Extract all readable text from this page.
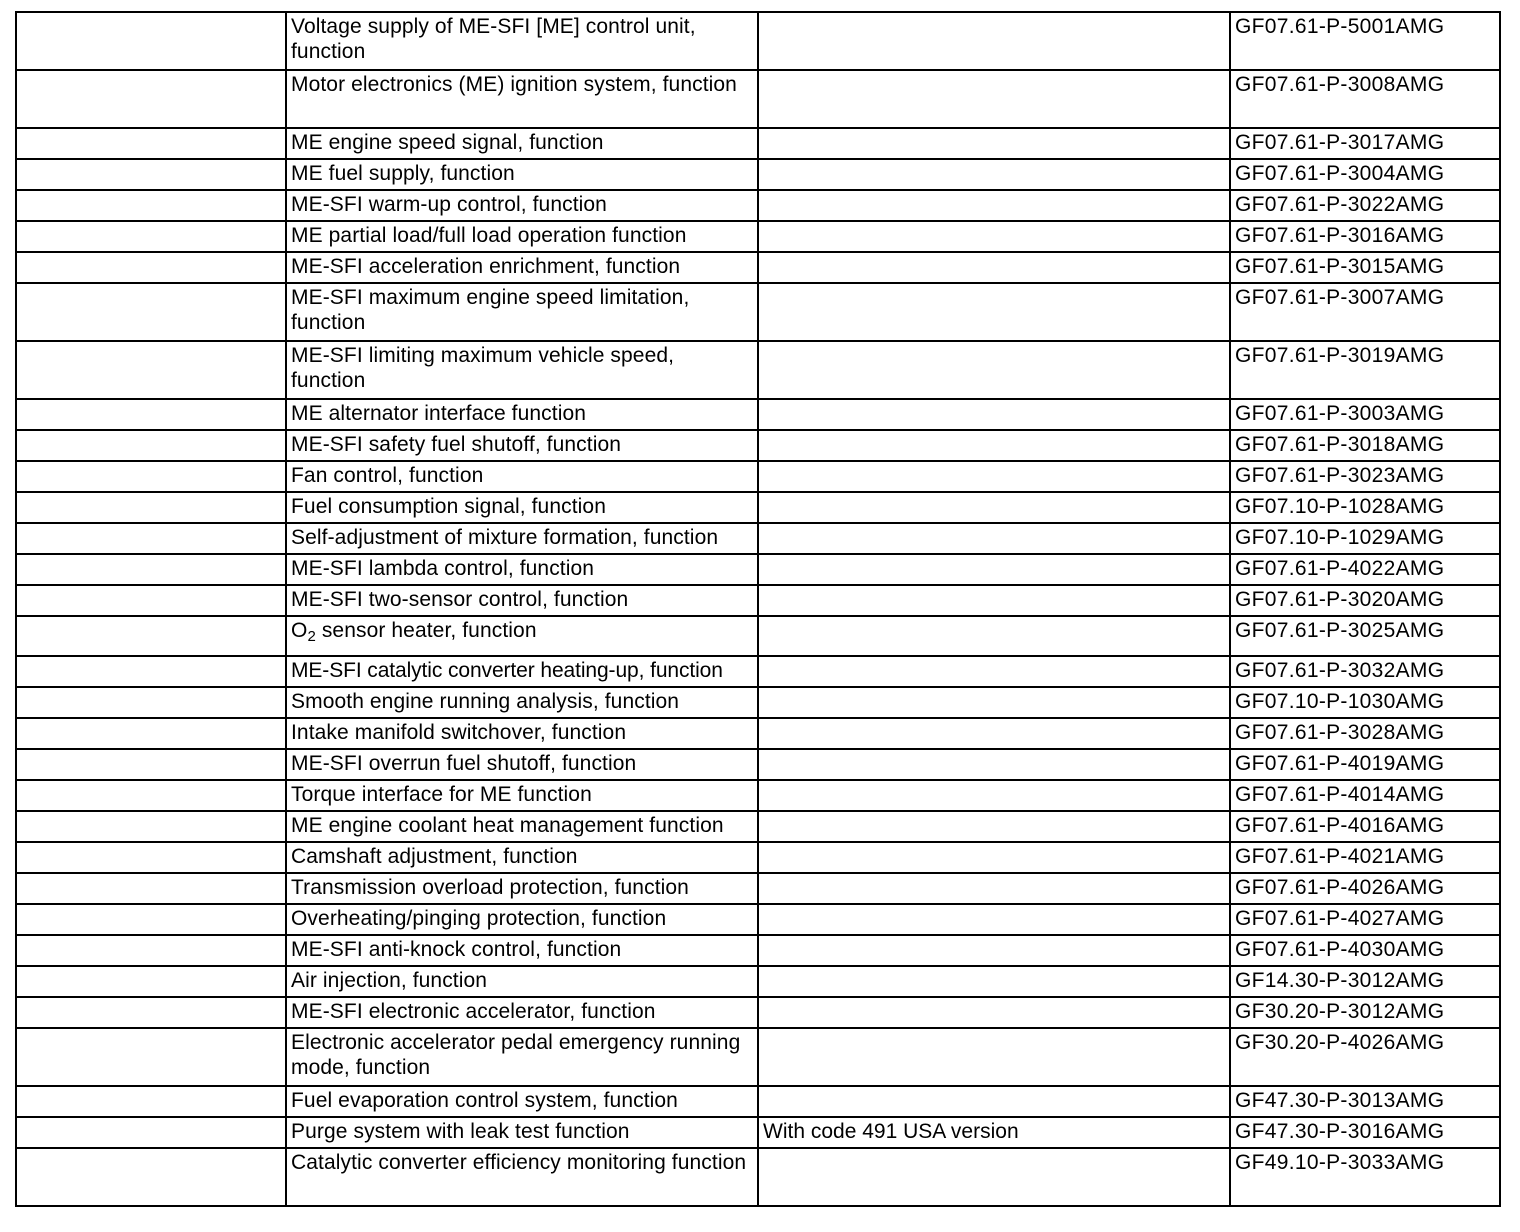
	Voltage supply of ME-SFI [ME] control unit, function		GF07.61-P-5001AMG
	Motor electronics (ME) ignition system, function		GF07.61-P-3008AMG
	ME engine speed signal, function		GF07.61-P-3017AMG
	ME fuel supply, function		GF07.61-P-3004AMG
	ME-SFI warm-up control, function		GF07.61-P-3022AMG
	ME partial load/full load operation function		GF07.61-P-3016AMG
	ME-SFI acceleration enrichment, function		GF07.61-P-3015AMG
	ME-SFI maximum engine speed limitation, function		GF07.61-P-3007AMG
	ME-SFI limiting maximum vehicle speed, function		GF07.61-P-3019AMG
	ME alternator interface function		GF07.61-P-3003AMG
	ME-SFI safety fuel shutoff, function		GF07.61-P-3018AMG
	Fan control, function		GF07.61-P-3023AMG
	Fuel consumption signal, function		GF07.10-P-1028AMG
	Self-adjustment of mixture formation, function		GF07.10-P-1029AMG
	ME-SFI lambda control, function		GF07.61-P-4022AMG
	ME-SFI two-sensor control, function		GF07.61-P-3020AMG
	$O_2$ sensor heater, function		GF07.61-P-3025AMG
	ME-SFI catalytic converter heating-up, function		GF07.61-P-3032AMG
	Smooth engine running analysis, function		GF07.10-P-1030AMG
	Intake manifold switchover, function		GF07.61-P-3028AMG
	ME-SFI overrun fuel shutoff, function		GF07.61-P-4019AMG
	Torque interface for ME function		GF07.61-P-4014AMG
	ME engine coolant heat management function		GF07.61-P-4016AMG
	Camshaft adjustment, function		GF07.61-P-4021AMG
	Transmission overload protection, function		GF07.61-P-4026AMG
	Overheating/pinging protection, function		GF07.61-P-4027AMG
	ME-SFI anti-knock control, function		GF07.61-P-4030AMG
	Air injection, function		GF14.30-P-3012AMG
	ME-SFI electronic accelerator, function		GF30.20-P-3012AMG
	Electronic accelerator pedal emergency running mode, function		GF30.20-P-4026AMG
	Fuel evaporation control system, function		GF47.30-P-3013AMG
	Purge system with leak test function	With code 491 USA version	GF47.30-P-3016AMG
	Catalytic converter efficiency monitoring function		GF49.10-P-3033AMG
